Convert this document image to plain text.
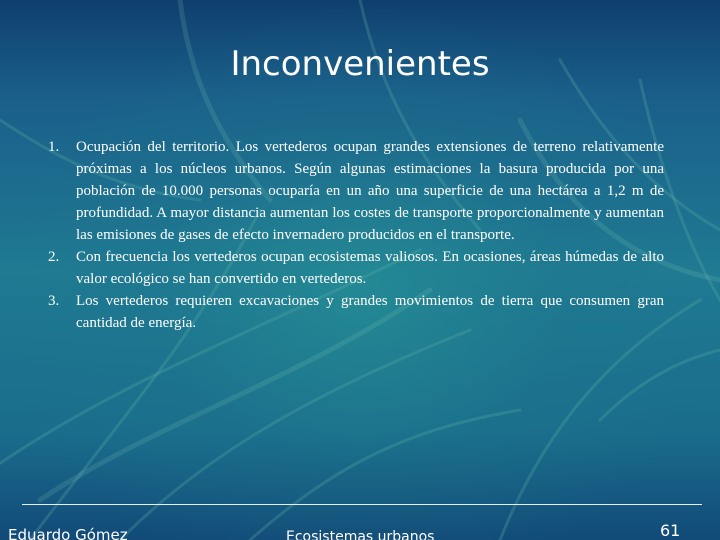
Inconvenientes
1. Ocupación del territorio. Los vertederos ocupan grandes extensiones de terreno relativamente próximas a los núcleos urbanos. Según algunas estimaciones la basura producida por una población de 10.000 personas ocuparía en un año una superficie de una hectárea a 1,2 m de profundidad. A mayor distancia aumentan los costes de transporte proporcionalmente y aumentan las emisiones de gases de efecto invernadero producidos en el transporte.
2. Con frecuencia los vertederos ocupan ecosistemas valiosos. En ocasiones, áreas húmedas de alto valor ecológico se han convertido en vertederos.
3. Los vertederos requieren excavaciones y grandes movimientos de tierra que consumen gran cantidad de energía.
Eduardo Gómez	Ecosistemas urbanos	61
